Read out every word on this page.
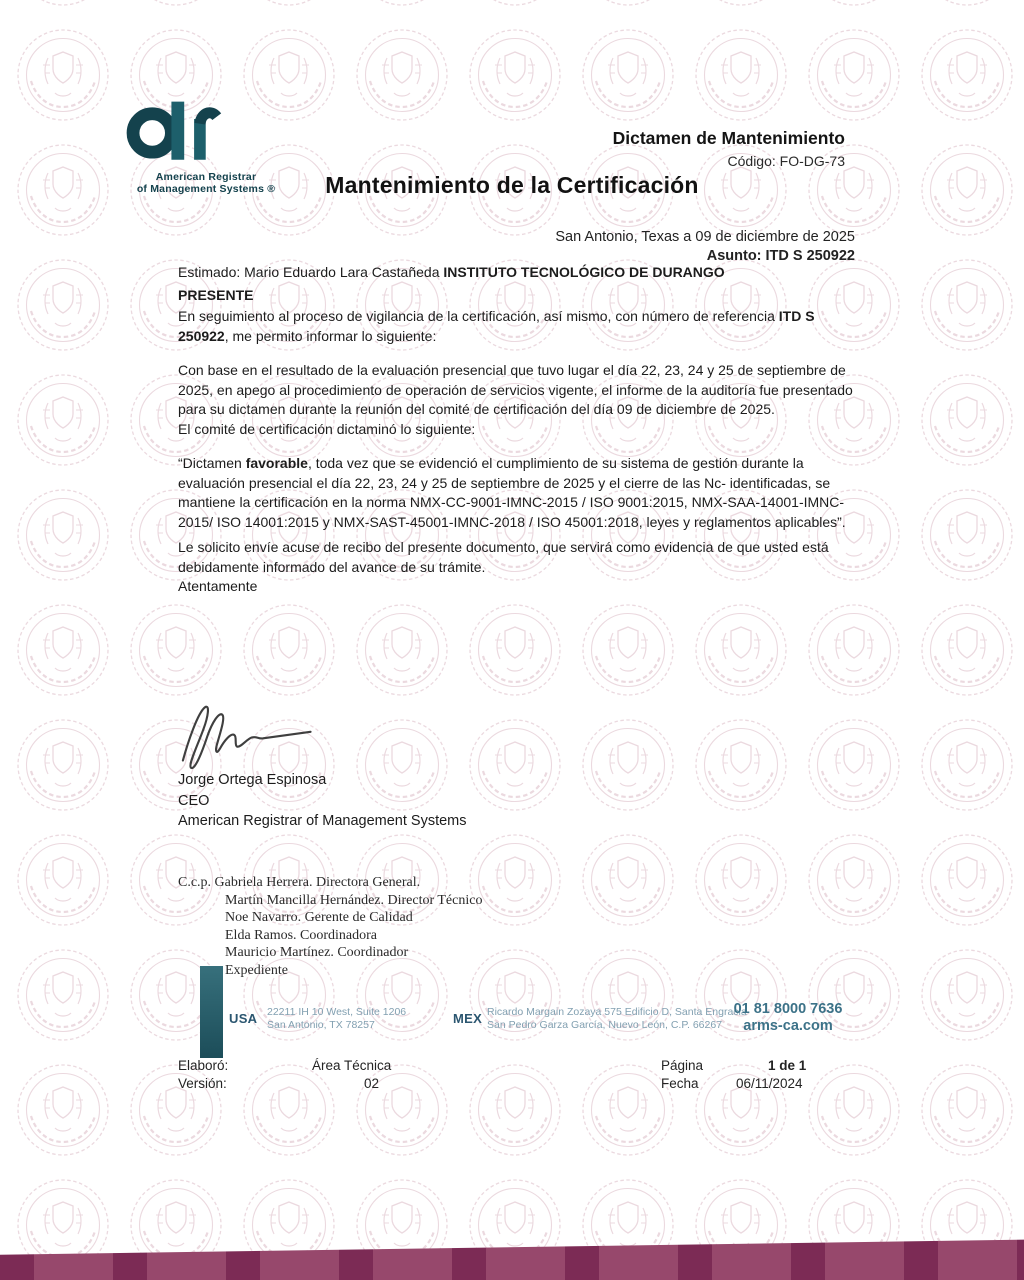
American Registrar
of Management Systems ®
Dictamen de Mantenimiento
Código: FO-DG-73
Mantenimiento de la Certificación
San Antonio, Texas a 09 de diciembre de 2025
Asunto: ITD S 250922

Estimado: Mario Eduardo Lara Castañeda INSTITUTO TECNOLÓGICO DE DURANGO

PRESENTE

En seguimiento al proceso de vigilancia de la certificación, así mismo, con número de referencia ITD S 250922, me permito informar lo siguiente:

Con base en el resultado de la evaluación presencial que tuvo lugar el día 22, 23, 24 y 25 de septiembre de 2025, en apego al procedimiento de operación de servicios vigente, el informe de la auditoría fue presentado para su dictamen durante la reunión del comité de certificación del día 09 de diciembre de 2025.

El comité de certificación dictaminó lo siguiente:

“Dictamen favorable, toda vez que se evidenció el cumplimiento de su sistema de gestión durante la evaluación presencial el día 22, 23, 24 y 25 de septiembre de 2025 y el cierre de las Nc- identificadas, se mantiene la certificación en la norma NMX-CC-9001-IMNC-2015 / ISO 9001:2015, NMX-SAA-14001-IMNC-2015/ ISO 14001:2015 y NMX-SAST-45001-IMNC-2018 / ISO 45001:2018, leyes y reglamentos aplicables”.

Le solicito envíe acuse de recibo del presente documento, que servirá como evidencia de que usted está debidamente informado del avance de su trámite.

Atentamente

Jorge Ortega Espinosa
CEO
American Registrar of Management Systems
C.c.p. Gabriela Herrera. Directora General.
Martín Mancilla Hernández. Director Técnico
Noe Navarro. Gerente de Calidad
Elda Ramos. Coordinadora
Mauricio Martínez. Coordinador
Expediente
USA 22211 IH 10 West, Suite 1206
San Antonio, TX 78257	MEX Ricardo Margain Zozaya 575 Edificio D, Santa Engracia
San Pedro Garza García, Nuevo León, C.P. 66267
01 81 8000 7636
arms-ca.com
Elaboró:	Área Técnica	Página	1 de 1
Versión:	02	Fecha	06/11/2024
